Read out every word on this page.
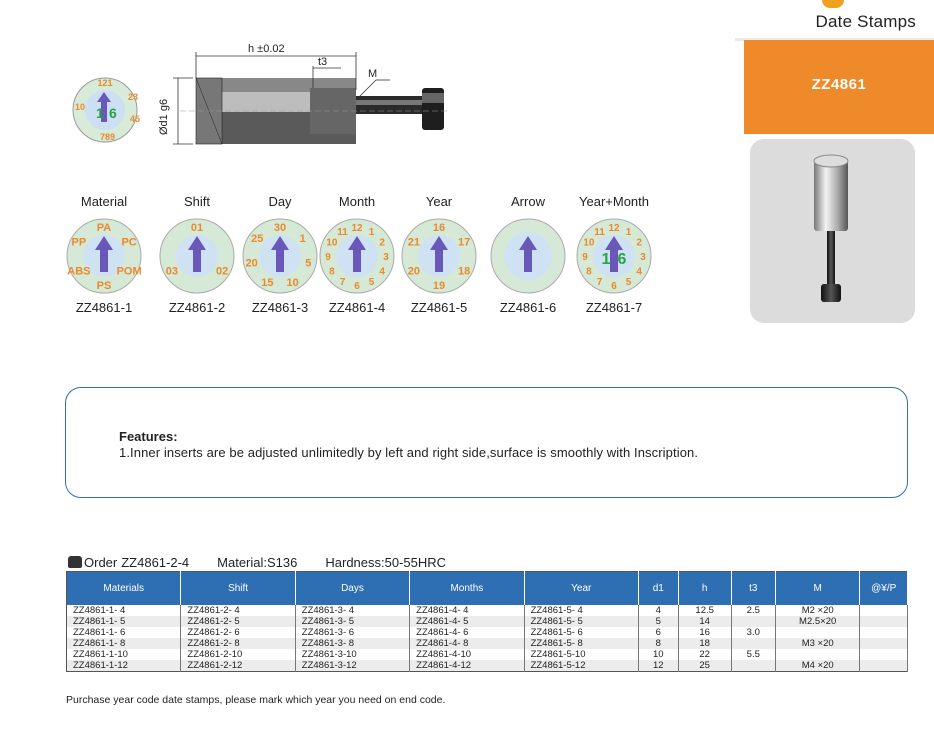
Date Stamps
ZZ4861
121
23
45
789
10 1 6	Ød1 g6
h ±0.02
t3
M
Material
PA
PC
POM
PS
ABS
PP
ZZ4861-1
Shift
01
02
03
ZZ4861-2
Day
30
1
5
10
15
20
25
ZZ4861-3
Month
12 1
2
3
4
5
6
7
8
9
10
11
ZZ4861-4
Year
16
17
18
19
20
21
ZZ4861-5
Arrow
ZZ4861-6
Year+Month
12 1
2
3
4
5
6
7
8
9
10
11
1 6
ZZ4861-7
Features:
1.Inner inserts are be adjusted unlimitedly by left and right side,surface is smoothly with Inscription.
Order ZZ4861-2-4 Material:S136 Hardness:50-55HRC
Materials	Shift	Days	Months	Year	d1	h	t3	M	@¥/P
ZZ4861-1- 4	ZZ4861-2- 4	ZZ4861-3- 4	ZZ4861-4- 4	ZZ4861-5- 4	4	12.5	2.5	M2 ×20	
ZZ4861-1- 5	ZZ4861-2- 5	ZZ4861-3- 5	ZZ4861-4- 5	ZZ4861-5- 5	5	14		M2.5×20	
ZZ4861-1- 6	ZZ4861-2- 6	ZZ4861-3- 6	ZZ4861-4- 6	ZZ4861-5- 6	6	16	3.0		
ZZ4861-1- 8	ZZ4861-2- 8	ZZ4861-3- 8	ZZ4861-4- 8	ZZ4861-5- 8	8	18		M3 ×20	
ZZ4861-1-10	ZZ4861-2-10	ZZ4861-3-10	ZZ4861-4-10	ZZ4861-5-10	10	22	5.5		
ZZ4861-1-12	ZZ4861-2-12	ZZ4861-3-12	ZZ4861-4-12	ZZ4861-5-12	12	25		M4 ×20	
Purchase year code date stamps, please mark which year you need on end code.
